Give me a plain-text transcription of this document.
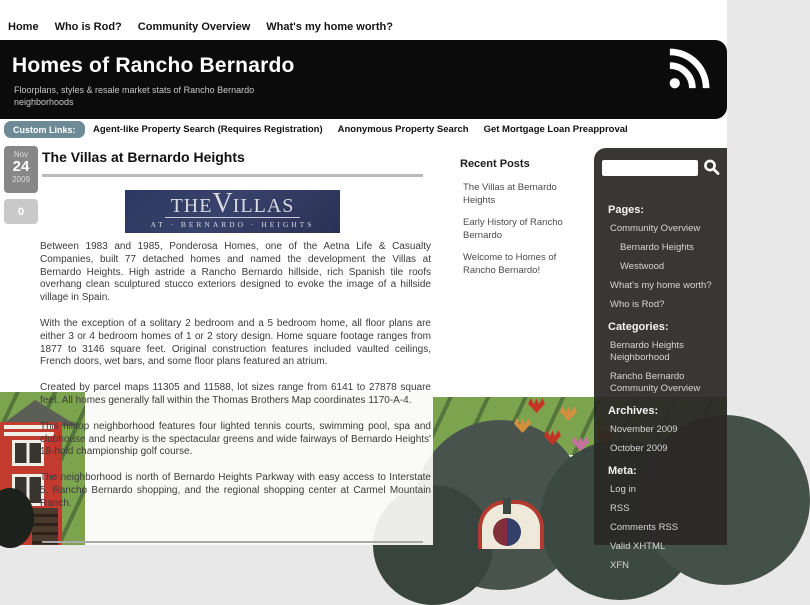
Home Who is Rod? Community Overview What's my home worth?
Homes of Rancho Bernardo
Floorplans, styles & resale market stats of Rancho Bernardo neighborhoods
Custom Links:	Agent-like Property Search (Requires Registration) Anonymous Property Search Get Mortgage Loan Preapproval
Nov
24
2009
0
The Villas at Bernardo Heights
THE V ILLAS
AT · BERNARDO · HEIGHTS

Between 1983 and 1985, Ponderosa Homes, one of the Aetna Life & Casualty Companies, built 77 detached homes and named the development the Villas at Bernardo Heights. High astride a Rancho Bernardo hillside, rich Spanish tile roofs overhang clean sculptured stucco exteriors designed to evoke the image of a hillside village in Spain.

With the exception of a solitary 2 bedroom and a 5 bedroom home, all floor plans are either 3 or 4 bedroom homes of 1 or 2 story design. Home square footage ranges from 1877 to 3146 square feet. Original construction features included vaulted ceilings, French doors, wet bars, and some floor plans featured an atrium.

Created by parcel maps 11305 and 11588, lot sizes range from 6141 to 27878 square feet. All homes generally fall within the Thomas Brothers Map coordinates 1170-A-4.

This hilltop neighborhood features four lighted tennis courts, swimming pool, spa and clubhouse and nearby is the spectacular greens and wide fairways of Bernardo Heights' 18-hold championship golf course.

The neighborhood is north of Bernardo Heights Parkway with easy access to Interstate 5, Rancho Bernardo shopping, and the regional shopping center at Carmel Mountain Ranch.

Recent Posts
The Villas at Bernardo Heights
Early History of Rancho Bernardo
Welcome to Homes of Rancho Bernardo!
Pages:
Community Overview
Bernardo Heights
Westwood
What's my home worth?
Who is Rod?
Categories:
Bernardo Heights Neighborhood
Rancho Bernardo Community Overview
Archives:
November 2009
October 2009
Meta:
Log in
RSS
Comments RSS
Valid XHTML
XFN
